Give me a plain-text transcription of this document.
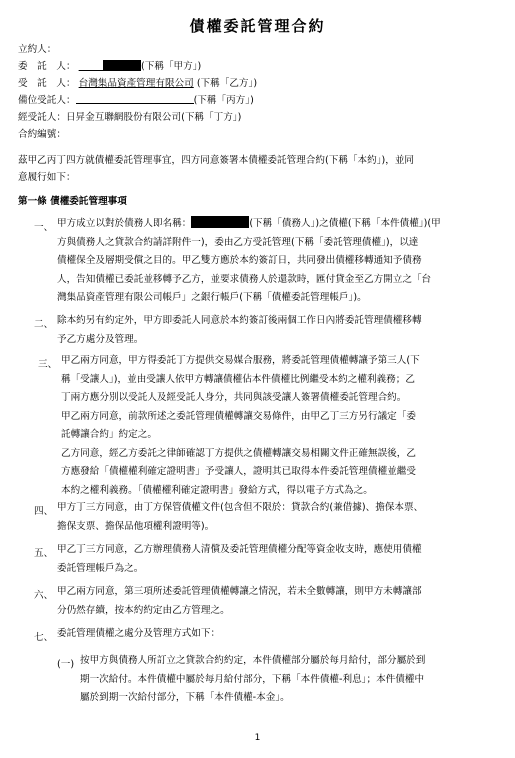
債權委託管理合約
立約人：
委　託　人：	(下稱「甲方」)
受　託　人： 台灣集品資產管理有限公司 (下稱「乙方」)
備位受託人：	(下稱「丙方」)
經受託人：日昇金互聯網股份有限公司(下稱「丁方」)
合約編號：
茲甲乙丙丁四方就債權委託管理事宜，四方同意簽署本債權委託管理合約(下稱「本約」)，並同
意履行如下：
第一條 債權委託管理事項
一、 甲方成立以對於債務人即名稱：	(下稱「債務人」)之債權(下稱「本件債權」)(甲
方與債務人之貸款合約請詳附件一)，委由乙方受託管理(下稱「委託管理債權」)，以達
債權保全及層期受償之目的。甲乙雙方應於本約簽訂日，共同發出債權移轉通知予債務
人，告知債權已委託並移轉予乙方，並要求債務人於還款時，匯付貸金至乙方開立之「台
灣集品資產管理有限公司帳戶」之銀行帳戶(下稱「債權委託管理帳戶」)。
二、 除本約另有約定外，甲方即委託人同意於本約簽訂後兩個工作日內將委託管理債權移轉
予乙方處分及管理。
三、 甲乙兩方同意，甲方得委託丁方提供交易媒合服務，將委託管理債權轉讓予第三人(下
稱「受讓人」)，並由受讓人依甲方轉讓債權佔本件債權比例繼受本約之權利義務；乙
丁兩方應分別以受託人及經受託人身分，共同與該受讓人簽署債權委託管理合約。
甲乙兩方同意，前款所述之委託管理債權轉讓交易條件，由甲乙丁三方另行議定「委
託轉讓合約」約定之。
乙方同意，經乙方委託之律師確認丁方提供之債權轉讓交易相關文件正確無誤後，乙
方應發給「債權權利確定證明書」予受讓人，證明其已取得本件委託管理債權並繼受
本約之權利義務。「債權權利確定證明書」發給方式，得以電子方式為之。
四、 甲方丁三方同意，由丁方保管債權文件(包含但不限於：貸款合約(兼借據)、擔保本票、
擔保支票、擔保品他項權利證明等)。
五、 甲乙丁三方同意，乙方辦理債務人清償及委託管理債權分配等資金收支時，應使用債權
委託管理帳戶為之。
六、 甲乙兩方同意，第三項所述委託管理債權轉讓之情況，若未全數轉讓，則甲方未轉讓部
分仍然存續，按本約約定由乙方管理之。
七、 委託管理債權之處分及管理方式如下：
(一) 按甲方與債務人所訂立之貸款合約約定，本件債權部分屬於每月給付，部分屬於到
期一次給付。本件債權中屬於每月給付部分，下稱「本件債權-利息」；本件債權中
屬於到期一次給付部分，下稱「本件債權-本金」。
1
